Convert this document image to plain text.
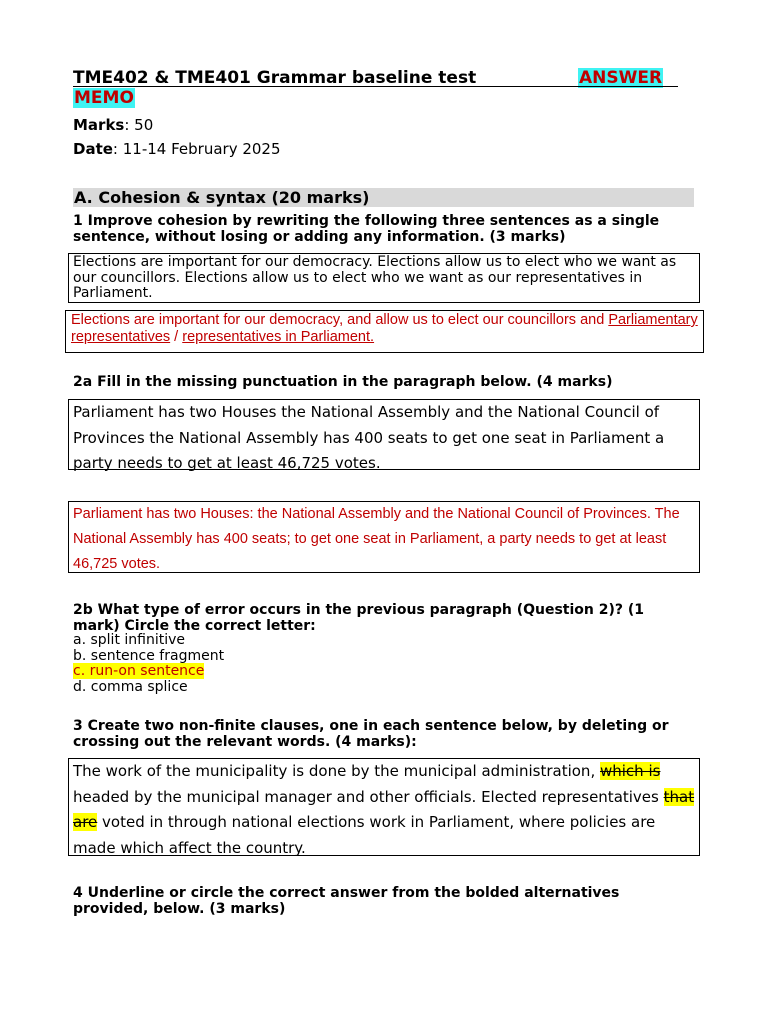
TME402 & TME401 Grammar baseline test	ANSWER
MEMO
Marks: 50
Date: 11-14 February 2025
A. Cohesion & syntax (20 marks)
1 Improve cohesion by rewriting the following three sentences as a single sentence, without losing or adding any information. (3 marks)
Elections are important for our democracy. Elections allow us to elect who we want as our councillors. Elections allow us to elect who we want as our representatives in Parliament.
Elections are important for our democracy, and allow us to elect our councillors and Parliamentary representatives / representatives in Parliament.
2a Fill in the missing punctuation in the paragraph below. (4 marks)
Parliament has two Houses the National Assembly and the National Council of Provinces the National Assembly has 400 seats to get one seat in Parliament a party needs to get at least 46,725 votes.
Parliament has two Houses: the National Assembly and the National Council of Provinces. The National Assembly has 400 seats; to get one seat in Parliament, a party needs to get at least 46,725 votes.
2b What type of error occurs in the previous paragraph (Question 2)? (1 mark) Circle the correct letter:
a. split infinitive
b. sentence fragment
c. run-on sentence
d. comma splice
3 Create two non-finite clauses, one in each sentence below, by deleting or crossing out the relevant words. (4 marks):
The work of the municipality is done by the municipal administration, which is headed by the municipal manager and other officials. Elected representatives that are voted in through national elections work in Parliament, where policies are made which affect the country.
4 Underline or circle the correct answer from the bolded alternatives provided, below. (3 marks)
